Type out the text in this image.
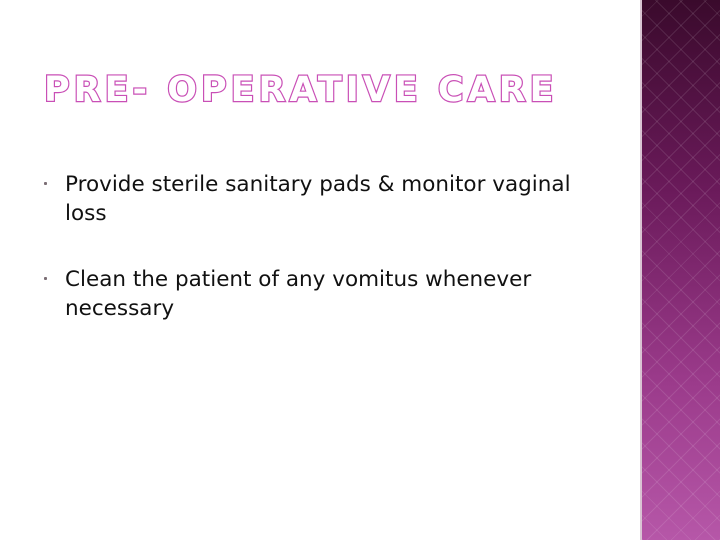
PRE- OPERATIVE CARE
Provide sterile sanitary pads & monitor vaginal loss
Clean the patient of any vomitus whenever necessary
